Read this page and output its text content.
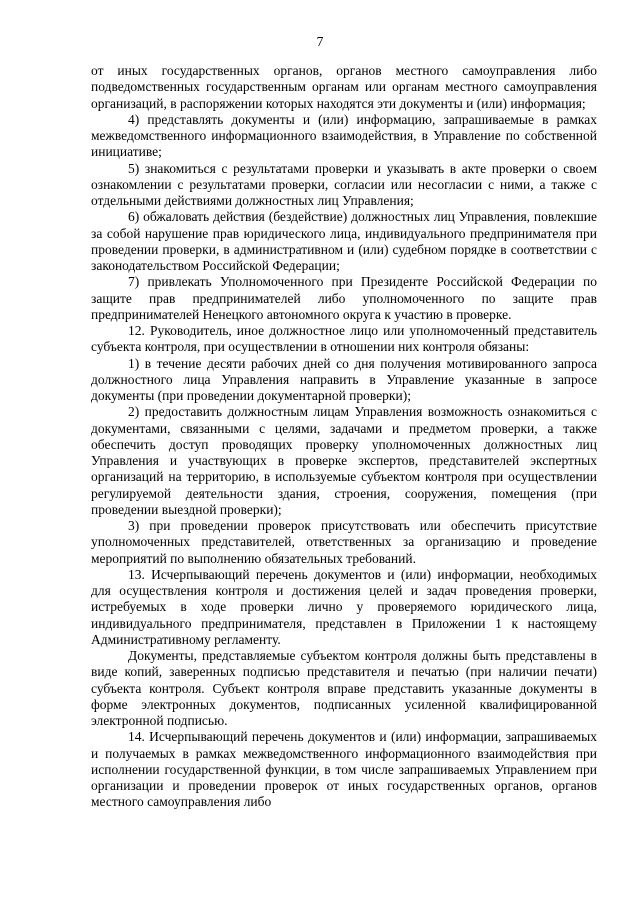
7

от иных государственных органов, органов местного самоуправления либо подведомственных государственным органам или органам местного самоуправления организаций, в распоряжении которых находятся эти документы и (или) информация;

4) представлять документы и (или) информацию, запрашиваемые в рамках межведомственного информационного взаимодействия, в Управление по собственной инициативе;

5) знакомиться с результатами проверки и указывать в акте проверки о своем ознакомлении с результатами проверки, согласии или несогласии с ними, а также с отдельными действиями должностных лиц Управления;

6) обжаловать действия (бездействие) должностных лиц Управления, повлекшие за собой нарушение прав юридического лица, индивидуального предпринимателя при проведении проверки, в административном и (или) судебном порядке в соответствии с законодательством Российской Федерации;

7) привлекать Уполномоченного при Президенте Российской Федерации по защите прав предпринимателей либо уполномоченного по защите прав предпринимателей Ненецкого автономного округа к участию в проверке.

12. Руководитель, иное должностное лицо или уполномоченный представитель субъекта контроля, при осуществлении в отношении них контроля обязаны:

1) в течение десяти рабочих дней со дня получения мотивированного запроса должностного лица Управления направить в Управление указанные в запросе документы (при проведении документарной проверки);

2) предоставить должностным лицам Управления возможность ознакомиться с документами, связанными с целями, задачами и предметом проверки, а также обеспечить доступ проводящих проверку уполномоченных должностных лиц Управления и участвующих в проверке экспертов, представителей экспертных организаций на территорию, в используемые субъектом контроля при осуществлении регулируемой деятельности здания, строения, сооружения, помещения (при проведении выездной проверки);

3) при проведении проверок присутствовать или обеспечить присутствие уполномоченных представителей, ответственных за организацию и проведение мероприятий по выполнению обязательных требований.

13. Исчерпывающий перечень документов и (или) информации, необходимых для осуществления контроля и достижения целей и задач проведения проверки, истребуемых в ходе проверки лично у проверяемого юридического лица, индивидуального предпринимателя, представлен в Приложении 1 к настоящему Административному регламенту.

Документы, представляемые субъектом контроля должны быть представлены в виде копий, заверенных подписью представителя и печатью (при наличии печати) субъекта контроля. Субъект контроля вправе представить указанные документы в форме электронных документов, подписанных усиленной квалифицированной электронной подписью.

14. Исчерпывающий перечень документов и (или) информации, запрашиваемых и получаемых в рамках межведомственного информационного взаимодействия при исполнении государственной функции, в том числе запрашиваемых Управлением при организации и проведении проверок от иных государственных органов, органов местного самоуправления либо
